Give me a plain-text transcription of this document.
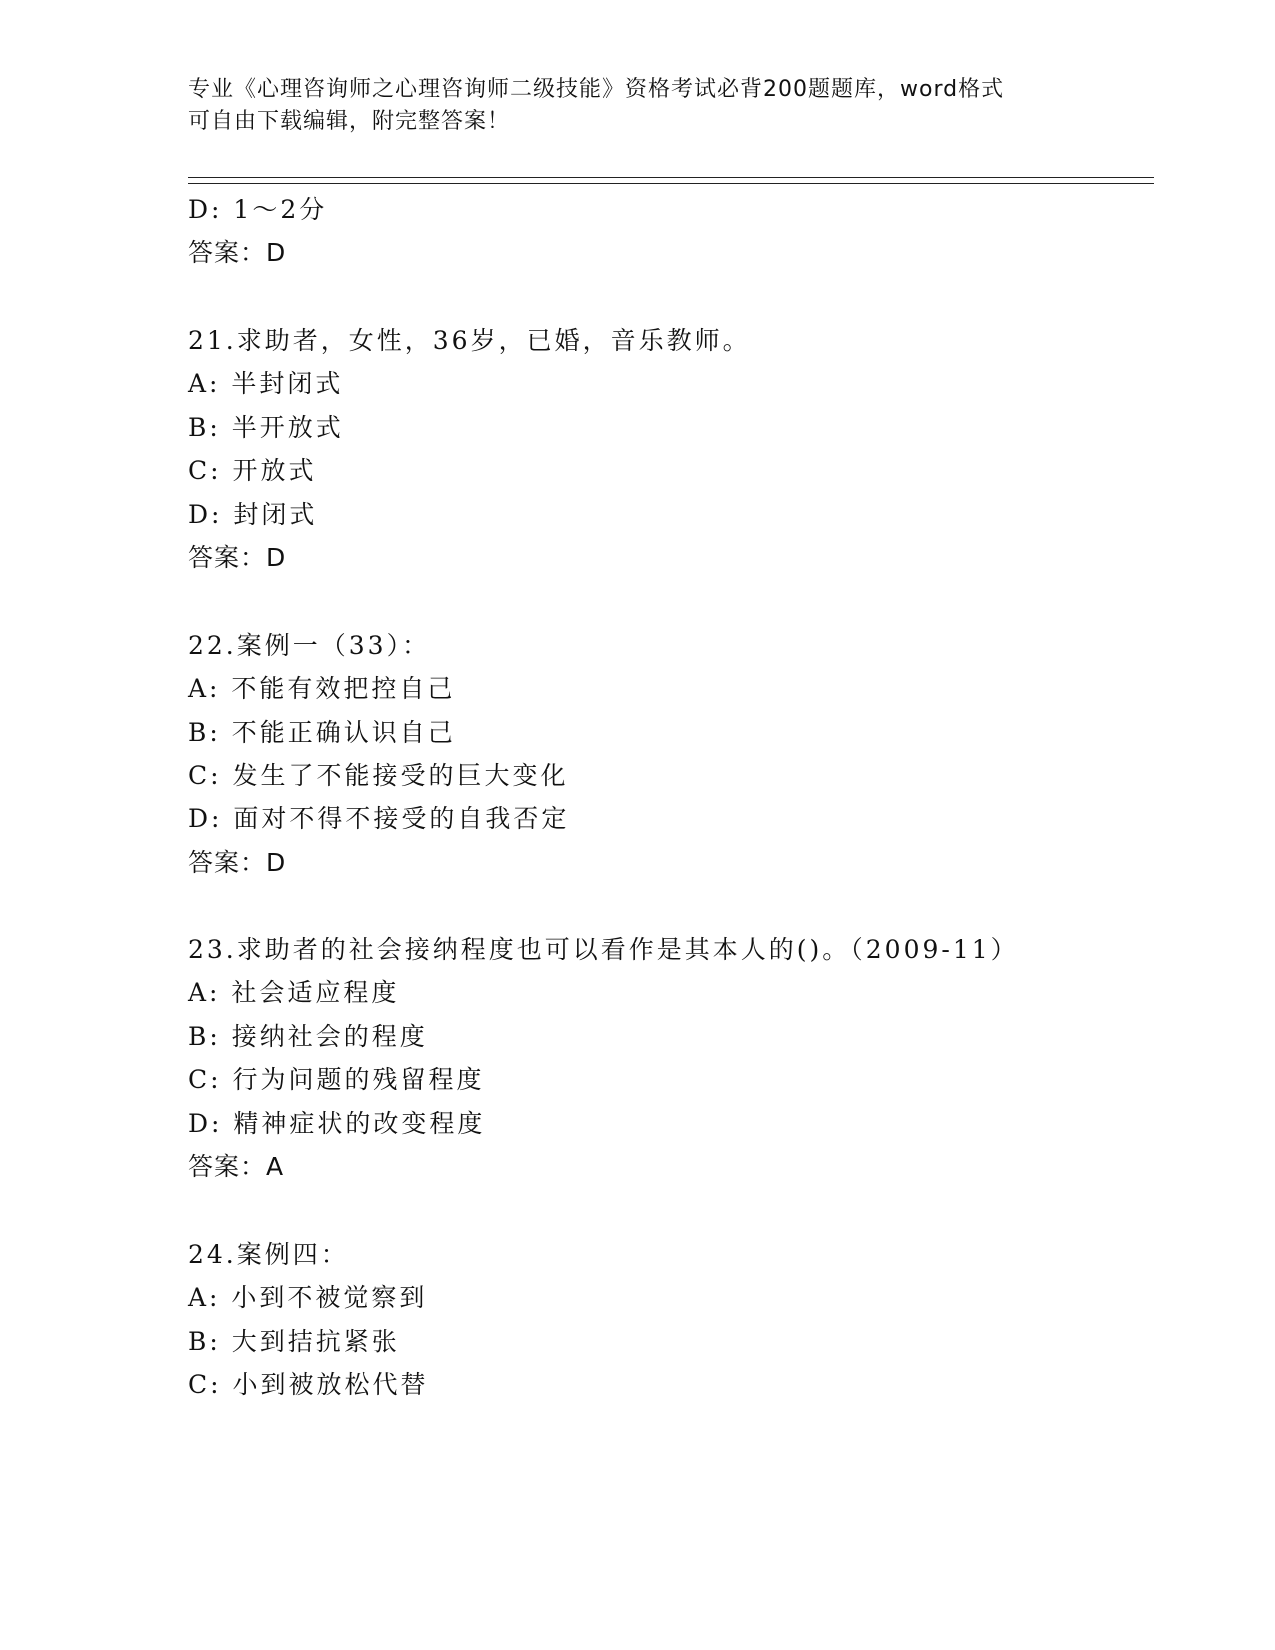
专业《心理咨询师之心理咨询师二级技能》资格考试必背200题题库，word格式
可自由下载编辑，附完整答案！
D: 1～2分
答案：D
21.求助者，女性，36岁，已婚，音乐教师。
A: 半封闭式
B: 半开放式
C: 开放式
D: 封闭式
答案：D
22.案例一（33）：
A: 不能有效把控自己
B: 不能正确认识自己
C: 发生了不能接受的巨大变化
D: 面对不得不接受的自我否定
答案：D
23.求助者的社会接纳程度也可以看作是其本人的()。（2009-11）
A: 社会适应程度
B: 接纳社会的程度
C: 行为问题的残留程度
D: 精神症状的改变程度
答案：A
24.案例四：
A: 小到不被觉察到
B: 大到拮抗紧张
C: 小到被放松代替
